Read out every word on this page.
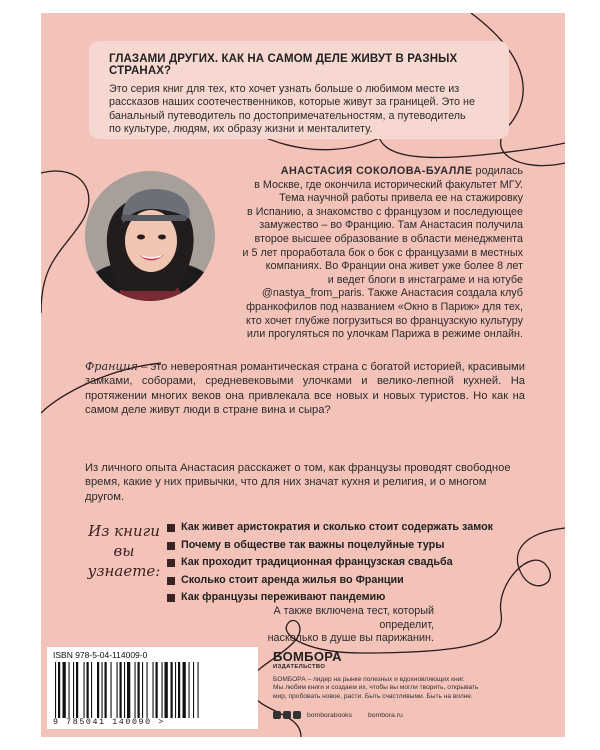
ГЛАЗАМИ ДРУГИХ. КАК НА САМОМ ДЕЛЕ ЖИВУТ В РАЗНЫХ СТРАНАХ?

Это серия книг для тех, кто хочет узнать больше о любимом месте из
рассказов наших соотечественников, которые живут за границей. Это не
банальный путеводитель по достопримечательностям, а путеводитель
по культуре, людям, их образу жизни и менталитету.

АНАСТАСИЯ СОКОЛОВА-БУАЛЛЕ родилась
в Москве, где окончила исторический факультет МГУ.
Тема научной работы привела ее на стажировку
в Испанию, а знакомство с французом и последующее
замужество – во Францию. Там Анастасия получила
второе высшее образование в области менеджмента
и 5 лет проработала бок о бок с французами в местных
компаниях. Во Франции она живет уже более 8 лет
и ведет блоги в инстаграме и на ютубе
@nastya_from_paris. Также Анастасия создала клуб
франкофилов под названием «Окно в Париж» для тех,
кто хочет глубже погрузиться во французскую культуру
или прогуляться по улочкам Парижа в режиме онлайн.
Франция – это невероятная романтическая страна с богатой историей, красивыми замками, соборами, средневековыми улочками и велико-лепной кухней. На протяжении многих веков она привлекала все новых и новых туристов. Но как на самом деле живут люди в стране вина и сыра?
Из личного опыта Анастасия расскажет о том, как французы проводят свободное время, какие у них привычки, что для них значат кухня и религия, и о многом другом.
Из книги
вы узнаете:
Как живет аристократия и сколько стоит содержать замок
Почему в обществе так важны поцелуйные туры
Как проходит традиционная французская свадьба
Сколько стоит аренда жилья во Франции
Как французы переживают пандемию
А также включена тест, который определит,
насколько в душе вы парижанин.
ISBN 978-5-04-114009-0
9 785041 140090 >
БОМБОРА
ИЗДАТЕЛЬСТВО
БОМБОРА – лидер на рынке полезных и вдохновляющих книг.
Мы любим книги и создаем их, чтобы вы могли творить, открывать
мир, пробовать новое, расти. Быть счастливыми. Быть на волне.
bomborabooks bombora.ru
